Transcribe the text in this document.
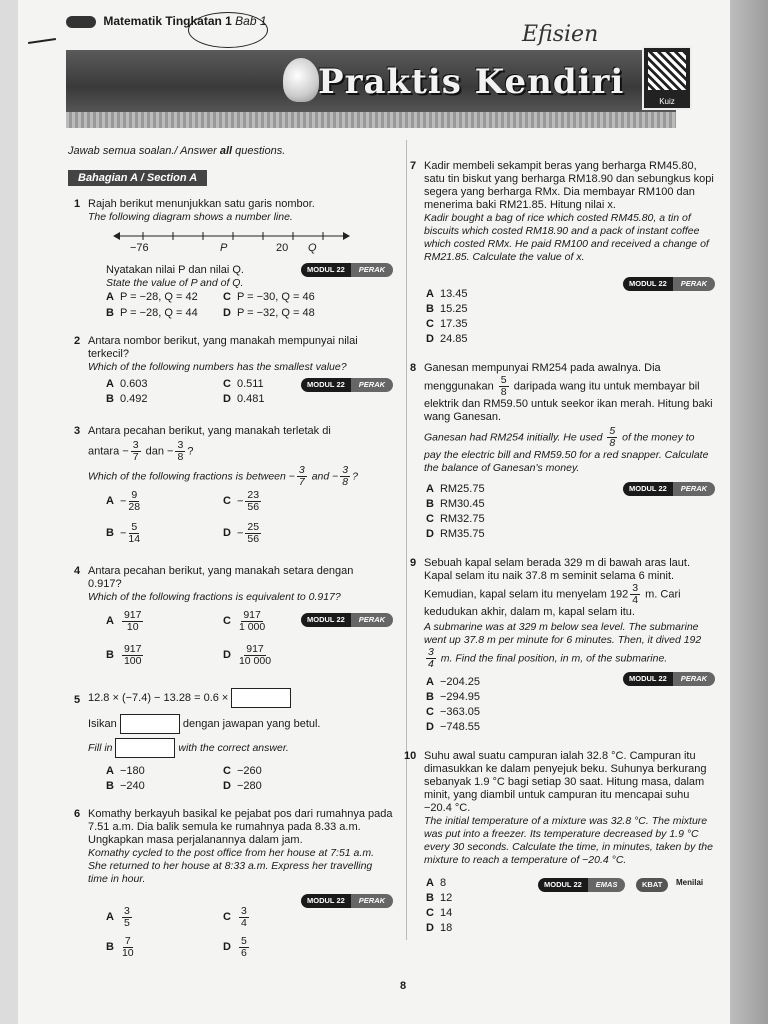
Matematik Tingkatan 1 Bab 1
Efisien
Praktis Kendiri	Kuiz
Jawab semua soalan./ Answer all questions.
Bahagian A / Section A
1 Rajah berikut menunjukkan satu garis nombor.
The following diagram shows a number line.
−76	P	20 Q
Nyatakan nilai P dan nilai Q.
State the value of P and of Q.
MODUL 22	PERAK
A P = −28, Q = 42
B P = −28, Q = 44
C P = −30, Q = 46
D P = −32, Q = 48
2 Antara nombor berikut, yang manakah mempunyai nilai terkecil?
Which of the following numbers has the smallest value?
MODUL 22	PERAK
A 0.603
B 0.492
C 0.511
D 0.481
3 Antara pecahan berikut, yang manakah terletak di
antara − $\frac{3}{7}$ dan − $\frac{3}{8}$ ?
Which of the following fractions is between − $\frac{3}{7}$ and − $\frac{3}{8}$ ?
$A - \frac{9}{28}$
$B - \frac{5}{14}$
$C - \frac{23}{56}$
$D - \frac{25}{56}$
4 Antara pecahan berikut, yang manakah setara dengan 0.917?
Which of the following fractions is equivalent to 0.917?
MODUL 22	PERAK
A $\frac{917}{10}$
B $\frac{917}{100}$
C $\frac{917}{1 000}$
D $\frac{917}{10 000}$
5 12.8 × (−7.4) − 13.28 = 0.6 ×
Isikan	dengan jawapan yang betul.
Fill in	with the correct answer.
A −180
B −240
C −260
D −280
6 Komathy berkayuh basikal ke pejabat pos dari rumahnya pada 7.51 a.m. Dia balik semula ke rumahnya pada 8.33 a.m. Ungkapkan masa perjalanannya dalam jam.
Komathy cycled to the post office from her house at 7:51 a.m. She returned to her house at 8:33 a.m. Express her travelling time in hour.
MODUL 22	PERAK
A $\frac{3}{5}$
B $\frac{7}{10}$
C $\frac{3}{4}$
D $\frac{5}{6}$
7 Kadir membeli sekampit beras yang berharga RM45.80, satu tin biskut yang berharga RM18.90 dan sebungkus kopi segera yang berharga RMx. Dia membayar RM100 dan menerima baki RM21.85. Hitung nilai x.
Kadir bought a bag of rice which costed RM45.80, a tin of biscuits which costed RM18.90 and a pack of instant coffee which costed RMx. He paid RM100 and received a change of RM21.85. Calculate the value of x.
MODUL 22	PERAK
A 13.45
B 15.25
C 17.35
D 24.85
8 Ganesan mempunyai RM254 pada awalnya. Dia menggunakan $\frac{5}{8}$ daripada wang itu untuk membayar bil elektrik dan RM59.50 untuk seekor ikan merah. Hitung baki wang Ganesan.
Ganesan had RM254 initially. He used $\frac{5}{8}$ of the money to pay the electric bill and RM59.50 for a red snapper. Calculate the balance of Ganesan's money.
MODUL 22	PERAK
A RM25.75
B RM30.45
C RM32.75
D RM35.75
9 Sebuah kapal selam berada 329 m di bawah aras laut. Kapal selam itu naik 37.8 m seminit selama 6 minit. Kemudian, kapal selam itu menyelam $192 \frac{3}{4} m$. Cari kedudukan akhir, dalam m, kapal selam itu.
A submarine was at 329 m below sea level. The submarine went up 37.8 m per minute for 6 minutes. Then, it dived 192
$\frac{3}{4} m$. Find the final position, in m, of the submarine.
MODUL 22	PERAK
A −204.25
B −294.95
C −363.05
D −748.55
10 Suhu awal suatu campuran ialah 32.8 °C. Campuran itu dimasukkan ke dalam penyejuk beku. Suhunya berkurang sebanyak 1.9 °C bagi setiap 30 saat. Hitung masa, dalam minit, yang diambil untuk campuran itu mencapai suhu −20.4 °C.
The initial temperature of a mixture was 32.8 °C. The mixture was put into a freezer. Its temperature decreased by 1.9 °C every 30 seconds. Calculate the time, in minutes, taken by the mixture to reach a temperature of −20.4 °C.
MODUL 22	EMAS	KBAT	Menilai
A 8
B 12
C 14
D 18
8
